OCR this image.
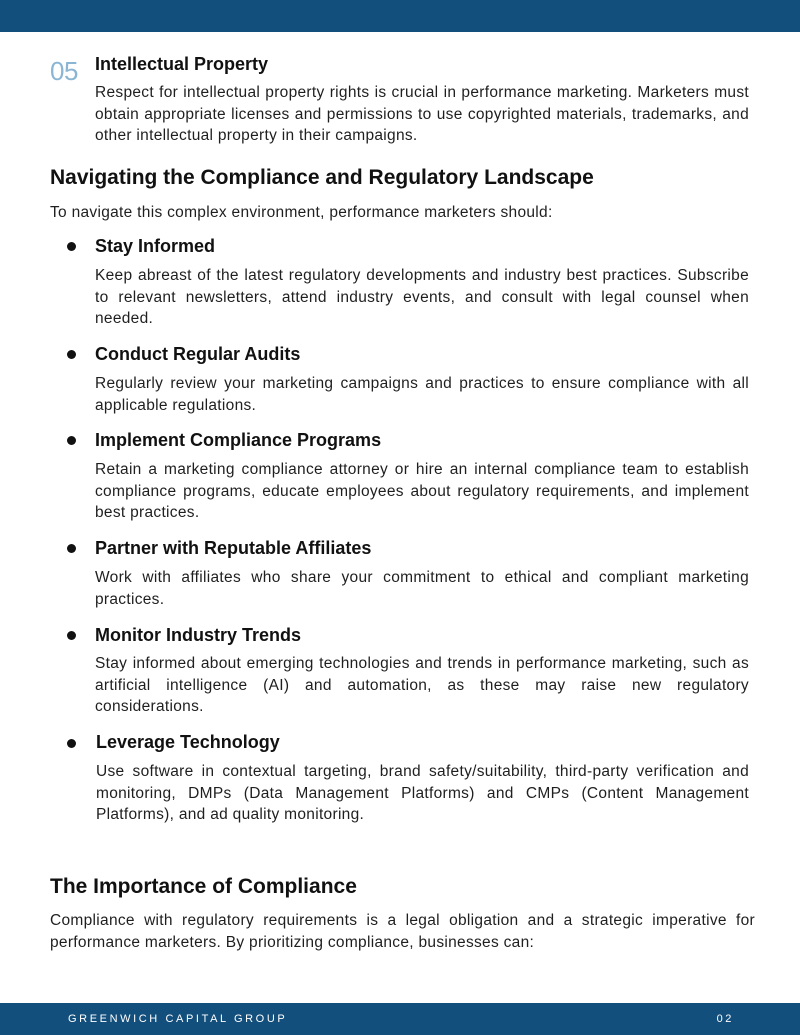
05 Intellectual Property
Respect for intellectual property rights is crucial in performance marketing. Marketers must obtain appropriate licenses and permissions to use copyrighted materials, trademarks, and other intellectual property in their campaigns.
Navigating the Compliance and Regulatory Landscape
To navigate this complex environment, performance marketers should:
Stay Informed
Keep abreast of the latest regulatory developments and industry best practices. Subscribe to relevant newsletters, attend industry events, and consult with legal counsel when needed.
Conduct Regular Audits
Regularly review your marketing campaigns and practices to ensure compliance with all applicable regulations.
Implement Compliance Programs
Retain a marketing compliance attorney or hire an internal compliance team to establish compliance programs, educate employees about regulatory requirements, and implement best practices.
Partner with Reputable Affiliates
Work with affiliates who share your commitment to ethical and compliant marketing practices.
Monitor Industry Trends
Stay informed about emerging technologies and trends in performance marketing, such as artificial intelligence (AI) and automation, as these may raise new regulatory considerations.
Leverage Technology
Use software in contextual targeting, brand safety/suitability, third-party verification and monitoring, DMPs (Data Management Platforms) and CMPs (Content Management Platforms), and ad quality monitoring.
The Importance of Compliance
Compliance with regulatory requirements is a legal obligation and a strategic imperative for performance marketers. By prioritizing compliance, businesses can:
GREENWICH CAPITAL GROUP	02
